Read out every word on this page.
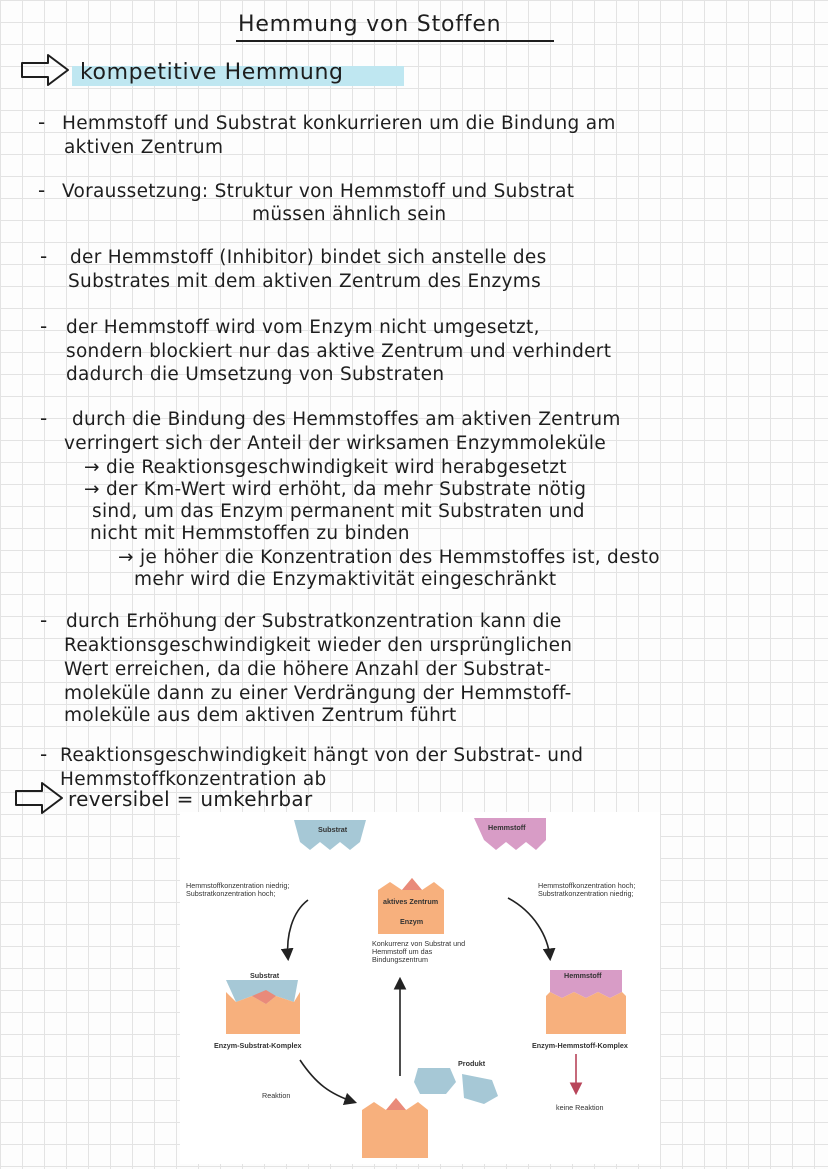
Hemmung von Stoffen
kompetitive Hemmung
- Hemmstoff und Substrat konkurrieren um die Bindung am
aktiven Zentrum
- Voraussetzung: Struktur von Hemmstoff und Substrat
müssen ähnlich sein
- der Hemmstoff (Inhibitor) bindet sich anstelle des
Substrates mit dem aktiven Zentrum des Enzyms
- der Hemmstoff wird vom Enzym nicht umgesetzt,
sondern blockiert nur das aktive Zentrum und verhindert
dadurch die Umsetzung von Substraten
- durch die Bindung des Hemmstoffes am aktiven Zentrum
verringert sich der Anteil der wirksamen Enzymmoleküle
→ die Reaktionsgeschwindigkeit wird herabgesetzt
→ der Km-Wert wird erhöht, da mehr Substrate nötig
sind, um das Enzym permanent mit Substraten und
nicht mit Hemmstoffen zu binden
→ je höher die Konzentration des Hemmstoffes ist, desto
mehr wird die Enzymaktivität eingeschränkt
- durch Erhöhung der Substratkonzentration kann die
Reaktionsgeschwindigkeit wieder den ursprünglichen
Wert erreichen, da die höhere Anzahl der Substrat-
moleküle dann zu einer Verdrängung der Hemmstoff-
moleküle aus dem aktiven Zentrum führt
- Reaktionsgeschwindigkeit hängt von der Substrat- und
Hemmstoffkonzentration ab
reversibel = umkehrbar
Substrat	Hemmstoff
Hemmstoffkonzentration niedrig;
Substratkonzentration hoch;
Hemmstoffkonzentration hoch;
Substratkonzentration niedrig;
aktives Zentrum
Enzym
Konkurrenz von Substrat und
Hemmstoff um das
Bindungszentrum
Substrat	Hemmstoff
Enzym-Substrat-Komplex	Enzym-Hemmstoff-Komplex
Produkt
Reaktion
keine Reaktion
